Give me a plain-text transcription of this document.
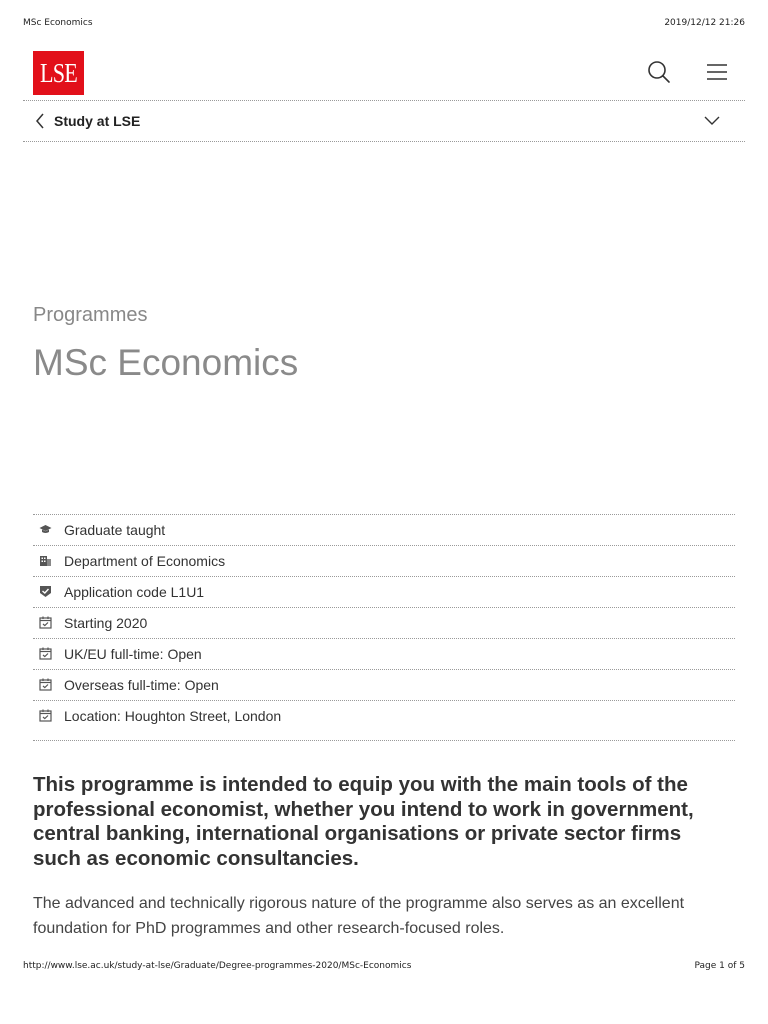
MSc Economics	2019/12/12 21:26
LSE
Study at LSE
Programmes
MSc Economics
Graduate taught
Department of Economics
Application code L1U1
Starting 2020
UK/EU full-time: Open
Overseas full-time: Open
Location: Houghton Street, London

This programme is intended to equip you with the main tools of the professional economist, whether you intend to work in government, central banking, international organisations or private sector firms such as economic consultancies.

The advanced and technically rigorous nature of the programme also serves as an excellent foundation for PhD programmes and other research-focused roles.

http://www.lse.ac.uk/study-at-lse/Graduate/Degree-programmes-2020/MSc-Economics	Page 1 of 5
